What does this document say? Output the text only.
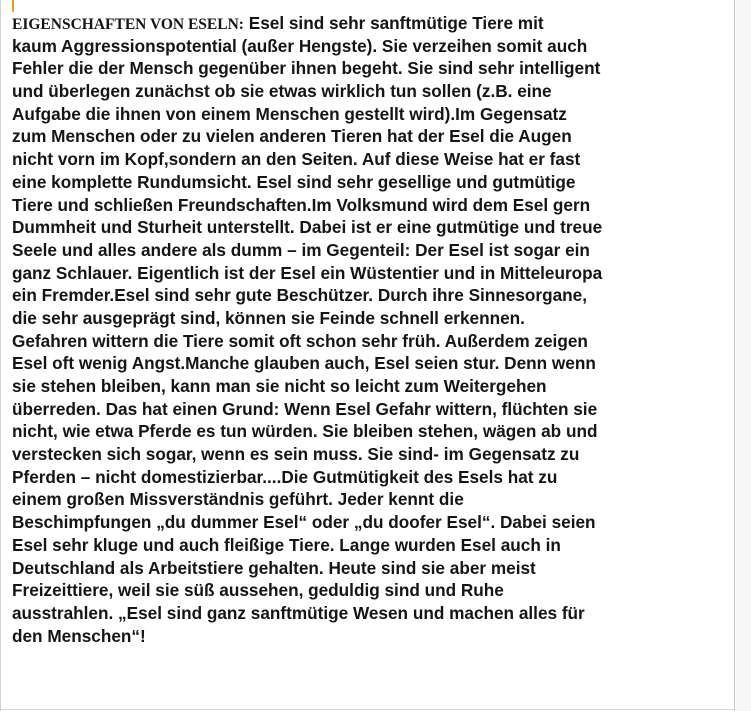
EIGENSCHAFTEN VON ESELN: Esel sind sehr sanftmütige Tiere mit
kaum Aggressionspotential (außer Hengste). Sie verzeihen somit auch
Fehler die der Mensch gegenüber ihnen begeht. Sie sind sehr intelligent
und überlegen zunächst ob sie etwas wirklich tun sollen (z.B. eine
Aufgabe die ihnen von einem Menschen gestellt wird).Im Gegensatz
zum Menschen oder zu vielen anderen Tieren hat der Esel die Augen
nicht vorn im Kopf,sondern an den Seiten. Auf diese Weise hat er fast
eine komplette Rundumsicht. Esel sind sehr gesellige und gutmütige
Tiere und schließen Freundschaften.Im Volksmund wird dem Esel gern
Dummheit und Sturheit unterstellt. Dabei ist er eine gutmütige und treue
Seele und alles andere als dumm – im Gegenteil: Der Esel ist sogar ein
ganz Schlauer. Eigentlich ist der Esel ein Wüstentier und in Mitteleuropa
ein Fremder.Esel sind sehr gute Beschützer. Durch ihre Sinnesorgane,
die sehr ausgeprägt sind, können sie Feinde schnell erkennen.
Gefahren wittern die Tiere somit oft schon sehr früh. Außerdem zeigen
Esel oft wenig Angst.Manche glauben auch, Esel seien stur. Denn wenn
sie stehen bleiben, kann man sie nicht so leicht zum Weitergehen
überreden. Das hat einen Grund: Wenn Esel Gefahr wittern, flüchten sie
nicht, wie etwa Pferde es tun würden. Sie bleiben stehen, wägen ab und
verstecken sich sogar, wenn es sein muss. Sie sind- im Gegensatz zu
Pferden – nicht domestizierbar....Die Gutmütigkeit des Esels hat zu
einem großen Missverständnis geführt. Jeder kennt die
Beschimpfungen „du dummer Esel“ oder „du doofer Esel“. Dabei seien
Esel sehr kluge und auch fleißige Tiere. Lange wurden Esel auch in
Deutschland als Arbeitstiere gehalten. Heute sind sie aber meist
Freizeittiere, weil sie süß aussehen, geduldig sind und Ruhe
ausstrahlen. „Esel sind ganz sanftmütige Wesen und machen alles für
den Menschen“!
